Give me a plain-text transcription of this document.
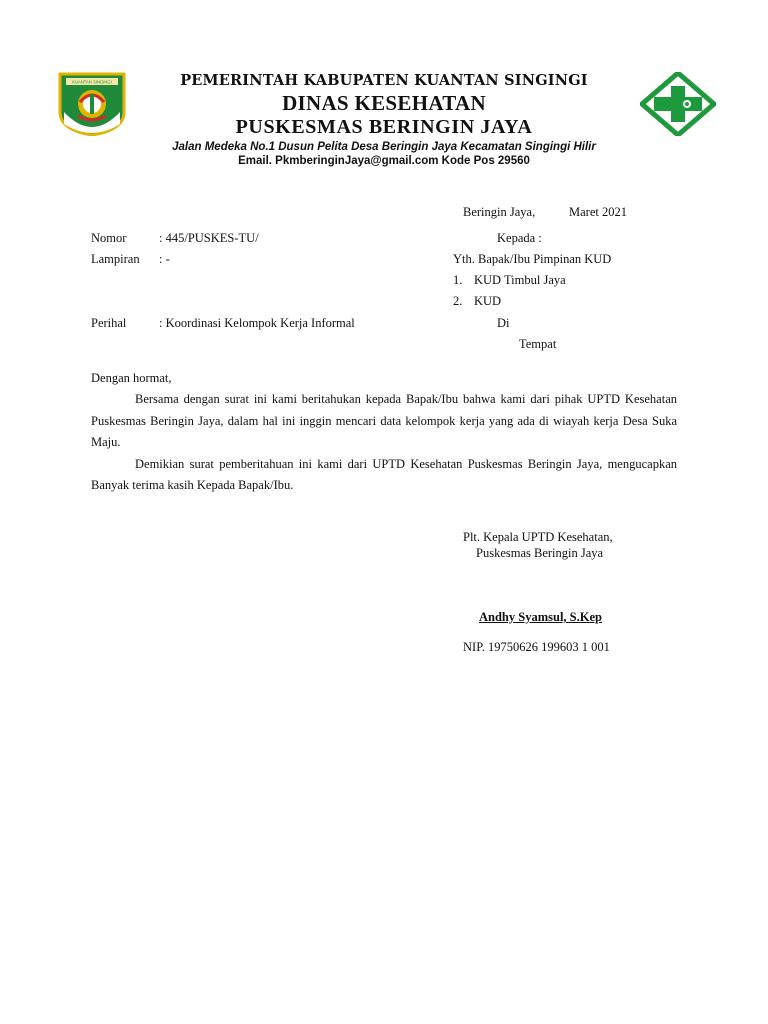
KUANTAN SINGINGI	PEMERINTAH KABUPATEN KUANTAN SINGINGI
DINAS KESEHATAN
PUSKESMAS BERINGIN JAYA
Jalan Medeka No.1 Dusun Pelita Desa Beringin Jaya Kecamatan Singingi Hilir
Email. PkmberinginJaya@gmail.com Kode Pos 29560
Beringin Jaya,	Maret 2021
Nomor	: 445/PUSKES-TU/
Lampiran : -
Perihal	: Koordinasi Kelompok Kerja Informal
Kepada :
Yth. Bapak/Ibu Pimpinan KUD
1. KUD Timbul Jaya
2. KUD
Di
Tempat
Dengan hormat,

Bersama dengan surat ini kami beritahukan kepada Bapak/Ibu bahwa kami dari pihak UPTD Kesehatan Puskesmas Beringin Jaya, dalam hal ini inggin mencari data kelompok kerja yang ada di wiayah kerja Desa Suka Maju.

Demikian surat pemberitahuan ini kami dari UPTD Kesehatan Puskesmas Beringin Jaya, mengucapkan Banyak terima kasih Kepada Bapak/Ibu.

Plt. Kepala UPTD Kesehatan,
Puskesmas Beringin Jaya
Andhy Syamsul, S.Kep
NIP. 19750626 199603 1 001
